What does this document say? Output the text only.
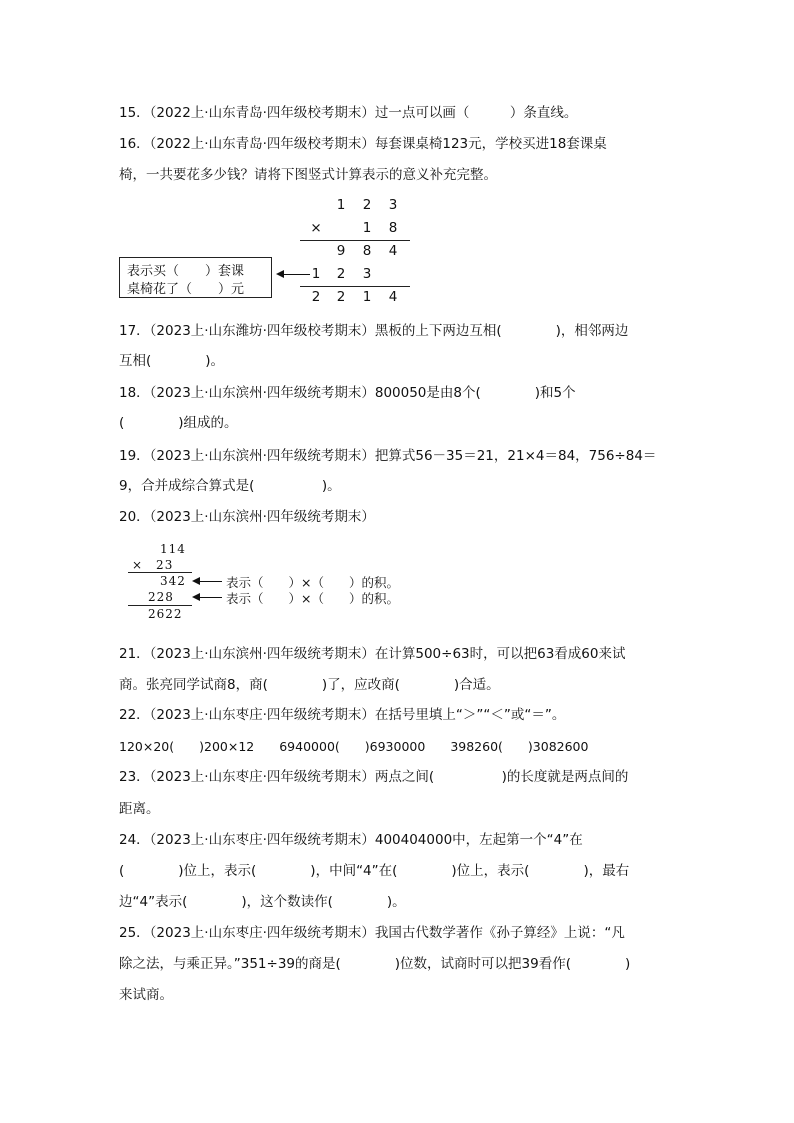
15．（2022上·山东青岛·四年级校考期末）过一点可以画（　　　）条直线。
16．（2022上·山东青岛·四年级校考期末）每套课桌椅123元，学校买进18套课桌
椅，一共要花多少钱？请将下图竖式计算表示的意义补充完整。
1 2 3
×	1 8
9 8 4
1 2 3
2 2 1 4
表示买（　　）套课
桌椅花了（　　）元
17．（2023上·山东潍坊·四年级校考期末）黑板的上下两边互相(　　　　)，相邻两边
互相(　　　　)。
18．（2023上·山东滨州·四年级统考期末）800050是由8个(　　　　)和5个
(　　　　)组成的。
19．（2023上·山东滨州·四年级统考期末）把算式56－35＝21，21×4＝84，756÷84＝
9，合并成综合算式是(　　　　　)。
20．（2023上·山东滨州·四年级统考期末）
114
×　23
342
228
2622
表示（　　）×（　　）的积。
表示（　　）×（　　）的积。
21．（2023上·山东滨州·四年级统考期末）在计算500÷63时，可以把63看成60来试
商。张亮同学试商8，商(　　　　)了，应改商(　　　　)合适。
22．（2023上·山东枣庄·四年级统考期末）在括号里填上“＞”“＜”或“＝”。
120×20(　　)200×12　　6940000(　　)6930000　　398260(　　)3082600
23．（2023上·山东枣庄·四年级统考期末）两点之间(　　　　　)的长度就是两点间的
距离。
24．（2023上·山东枣庄·四年级统考期末）400404000中，左起第一个“4”在
(　　　　)位上，表示(　　　　)，中间“4”在(　　　　)位上，表示(　　　　)，最右
边“4”表示(　　　　)，这个数读作(　　　　)。
25．（2023上·山东枣庄·四年级统考期末）我国古代数学著作《孙子算经》上说：“凡
除之法，与乘正异。”351÷39的商是(　　　　)位数，试商时可以把39看作(　　　　)
来试商。
